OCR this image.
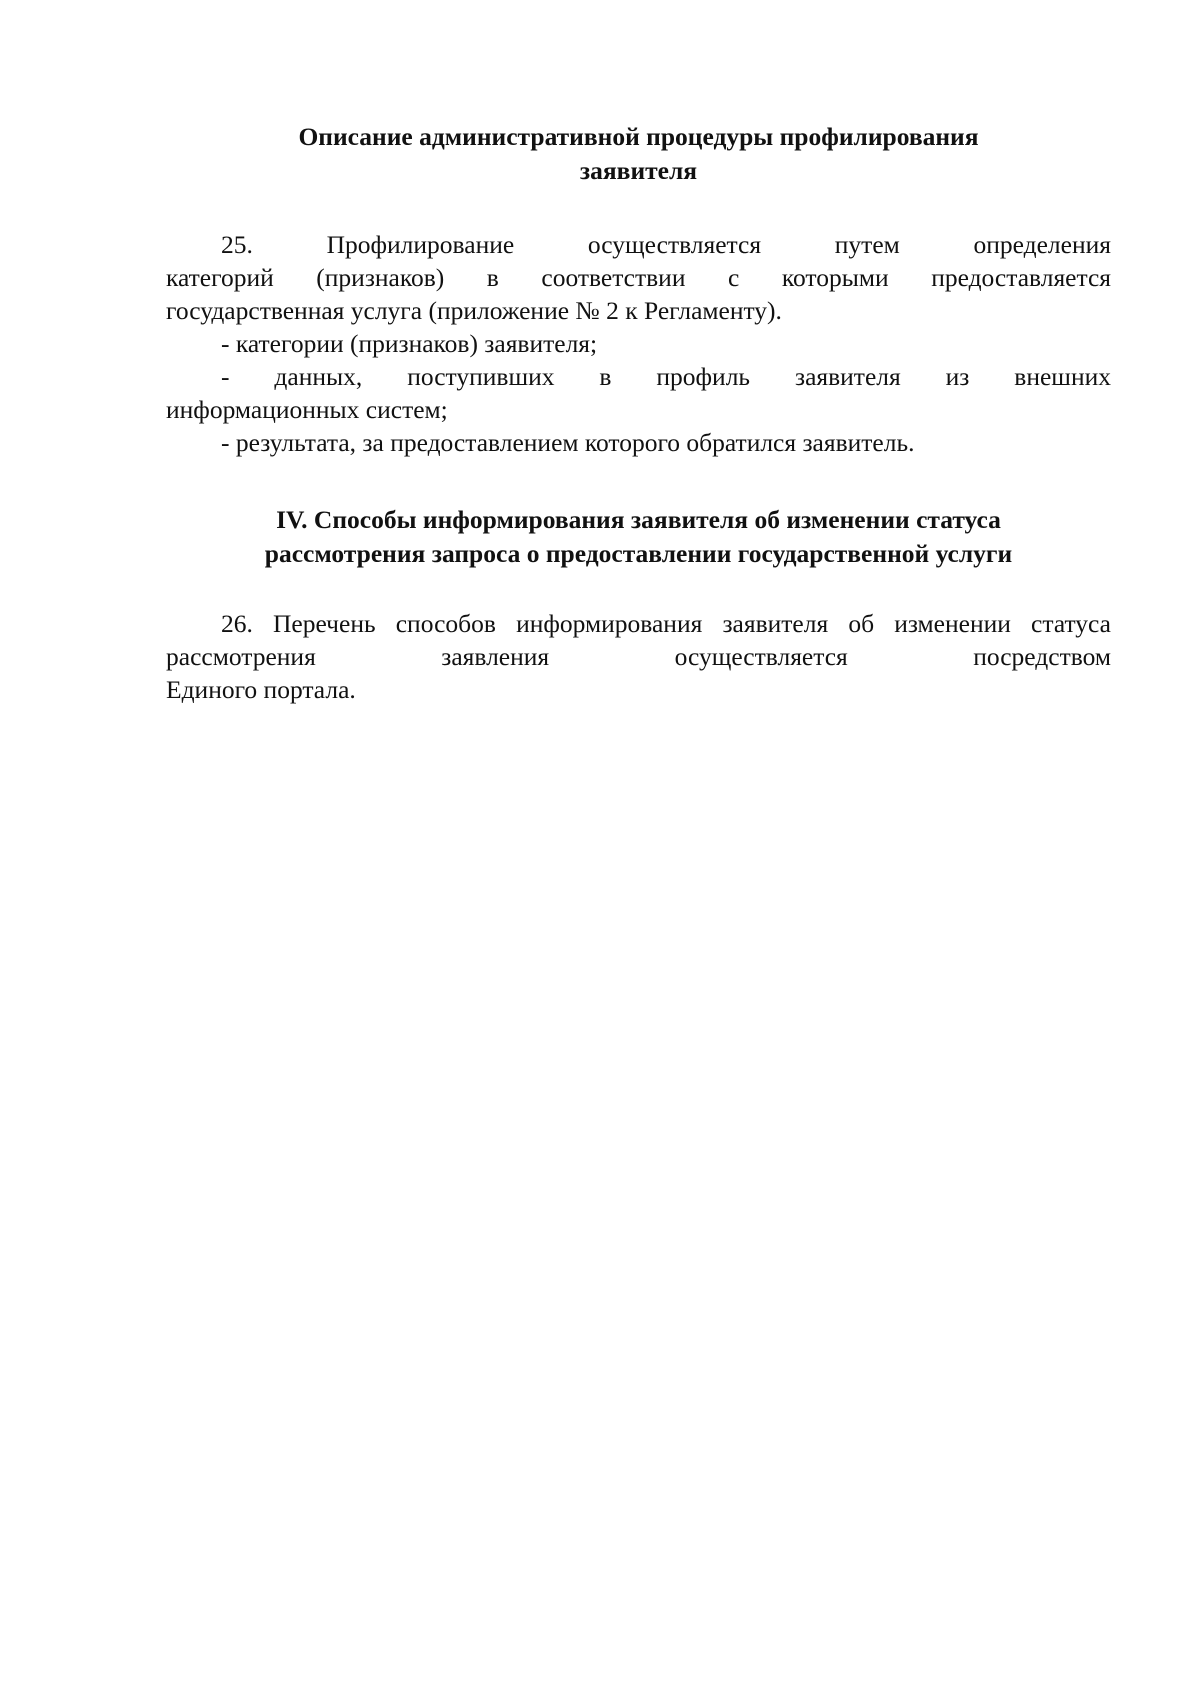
Описание административной процедуры профилирования
заявителя

25. Профилирование осуществляется путем определения
категорий (признаков) в соответствии с которыми предоставляется
государственная услуга (приложение № 2 к Регламенту).

- категории (признаков) заявителя;

- данных, поступивших в профиль заявителя из внешних
информационных систем;

- результата, за предоставлением которого обратился заявитель.

IV. Способы информирования заявителя об изменении статуса
рассмотрения запроса о предоставлении государственной услуги

26. Перечень способов информирования заявителя об изменении статуса
рассмотрения заявления осуществляется посредством
Единого портала.
